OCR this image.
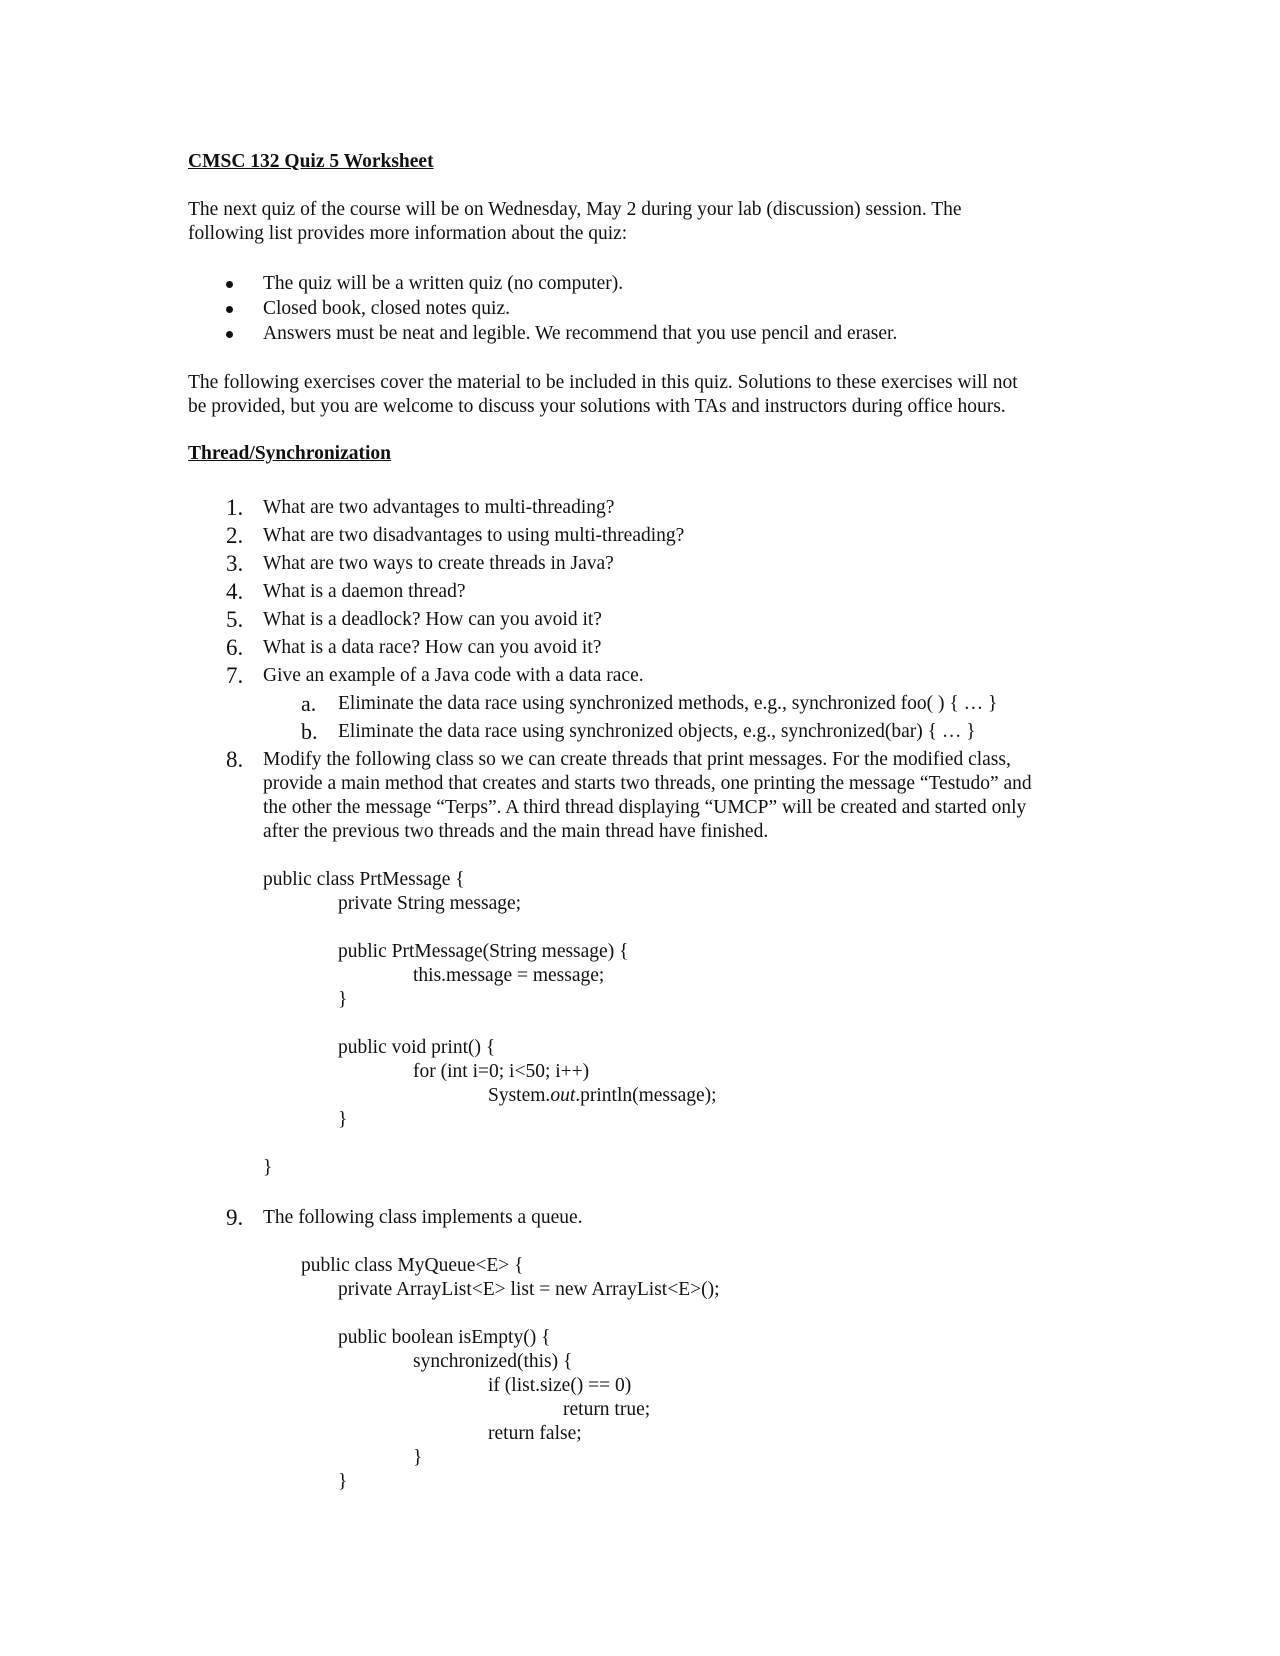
CMSC 132 Quiz 5 Worksheet
The next quiz of the course will be on Wednesday, May 2 during your lab (discussion) session. The
following list provides more information about the quiz:
The quiz will be a written quiz (no computer).
Closed book, closed notes quiz.
Answers must be neat and legible. We recommend that you use pencil and eraser.
The following exercises cover the material to be included in this quiz. Solutions to these exercises will not
be provided, but you are welcome to discuss your solutions with TAs and instructors during office hours.
Thread/Synchronization
1. What are two advantages to multi-threading?
2. What are two disadvantages to using multi-threading?
3. What are two ways to create threads in Java?
4. What is a daemon thread?
5. What is a deadlock? How can you avoid it?
6. What is a data race? How can you avoid it?
7. Give an example of a Java code with a data race.
a. Eliminate the data race using synchronized methods, e.g., synchronized foo( ) { … }
b. Eliminate the data race using synchronized objects, e.g., synchronized(bar) { … }
8. Modify the following class so we can create threads that print messages. For the modified class,
provide a main method that creates and starts two threads, one printing the message “Testudo” and
the other the message “Terps”. A third thread displaying “UMCP” will be created and started only
after the previous two threads and the main thread have finished.
public class PrtMessage {
private String message;
public PrtMessage(String message) {
this.message = message;
}
public void print() {
for (int i=0; i<50; i++)
System.out.println(message);
}
}
9. The following class implements a queue.
public class MyQueue<E> {
private ArrayList<E> list = new ArrayList<E>();
public boolean isEmpty() {
synchronized(this) {
if (list.size() == 0)
return true;
return false;
}
}
